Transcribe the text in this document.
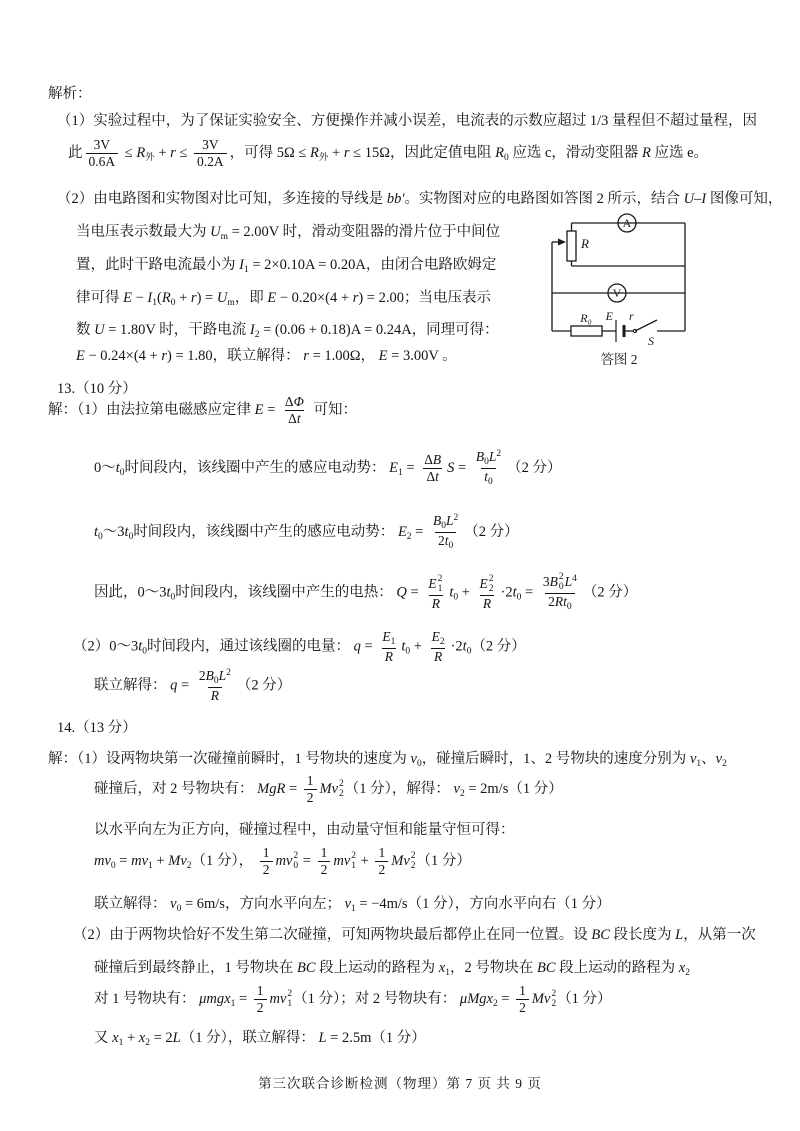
解析：
（1）实验过程中，为了保证实验安全、方便操作并减小误差，电流表的示数应超过 1/3 量程但不超过量程，因
此 $\frac{3V}{0.6A} \le R_外 + r \le \frac{3V}{0.2A}$ ，可得 $5\Omega \le R_外 + r \le 15\Omega$，因此定值电阻 $R_0$ 应选 c，滑动变阻器 R 应选 e。
（2）由电路图和实物图对比可知，多连接的导线是 bb′。实物图对应的电路图如答图 2 所示，结合 U–I 图像可知，
当电压表示数最大为 $U_m = 2.00V$ 时，滑动变阻器的滑片位于中间位
置，此时干路电流最小为 $I_1 = 2\times 0.10A = 0.20A$，由闭合电路欧姆定
律可得 $E - I_1(R_0 + r) = U_m$，即 E − 0.20×(4 + r) = 2.00；当电压表示
数 U = 1.80V 时，干路电流 $I_2 = (0.06 + 0.18)A = 0.24A$，同理可得：
E − 0.24×(4 + r) = 1.80，联立解得： r = 1.00Ω， E = 3.00V 。
13.（10 分）
解：（1）由法拉第电磁感应定律 $E = \frac{\Delta\Phi}{\Delta t}$ 可知：
$0\sim t_0$时间段内，该线圈中产生的感应电动势： $E_1 = \frac{\Delta B}{\Delta t}$ $S = \frac{B_0L^2}{t_0} (2$ 分）
$t_0\sim 3t_0$时间段内，该线圈中产生的感应电动势： $E_2 = \frac{B_0L^2}{2t_0} (2$ 分）
因此，$0\sim 3t_0$时间段内，该线圈中产生的电热： Q = E 2
1
R $t_0 + E$ 2
2
$R \cdot 2t_0 = 3B$ 2
0 $L^4$
$2Rt_0$ （2 分）
$(2)0\sim 3t_0$时间段内，通过该线圈的电量： $q = \frac{E_1}{R} t_0 + \frac{E_2}{R} \cdot 2t_0(2$ 分）
联立解得： $q = \frac{2B_0L^2}{R} (2$ 分）
14.（13 分）
解：（1）设两物块第一次碰撞前瞬时，1 号物块的速度为 $v_0$，碰撞后瞬时，1、2 号物块的速度分别为 $v_1$、$v_2$
碰撞后，对 2 号物块有： MgR = $\frac{1}{2}$ Mv 2
2 （1 分），解得： $v_2 = 2m/s(1$ 分）
以水平向左为正方向，碰撞过程中，由动量守恒和能量守恒可得：
$mv_0 = mv_1 + Mv_2(1$ 分）， $\frac{1}{2}$ mv 2
$0 = \frac{1}{2}$ mv 2
$1 + \frac{1}{2}$ Mv 2
2 （1 分）
联立解得： $v_0 = 6m/s$，方向水平向左； $v_1 = -4m/s(1$ 分），方向水平向右（1 分）
（2）由于两物块恰好不发生第二次碰撞，可知两物块最后都停止在同一位置。设 BC 段长度为 L，从第一次
碰撞后到最终静止，1 号物块在 BC 段上运动的路程为 $x_1$，2 号物块在 BC 段上运动的路程为 $x_2$
对 1 号物块有： $\mu mgx_1 = \frac{1}{2}$ mv 2
1 （1 分）；对 2 号物块有： $\mu Mgx_2 = \frac{1}{2}$ Mv 2
2 （1 分）
又 $x_1 + x_2 = 2L(1$ 分），联立解得： L = 2.5m（1 分）
A
R
V
R₀ E r
S
答图 2
第三次联合诊断检测（物理）第 7 页 共 9 页
